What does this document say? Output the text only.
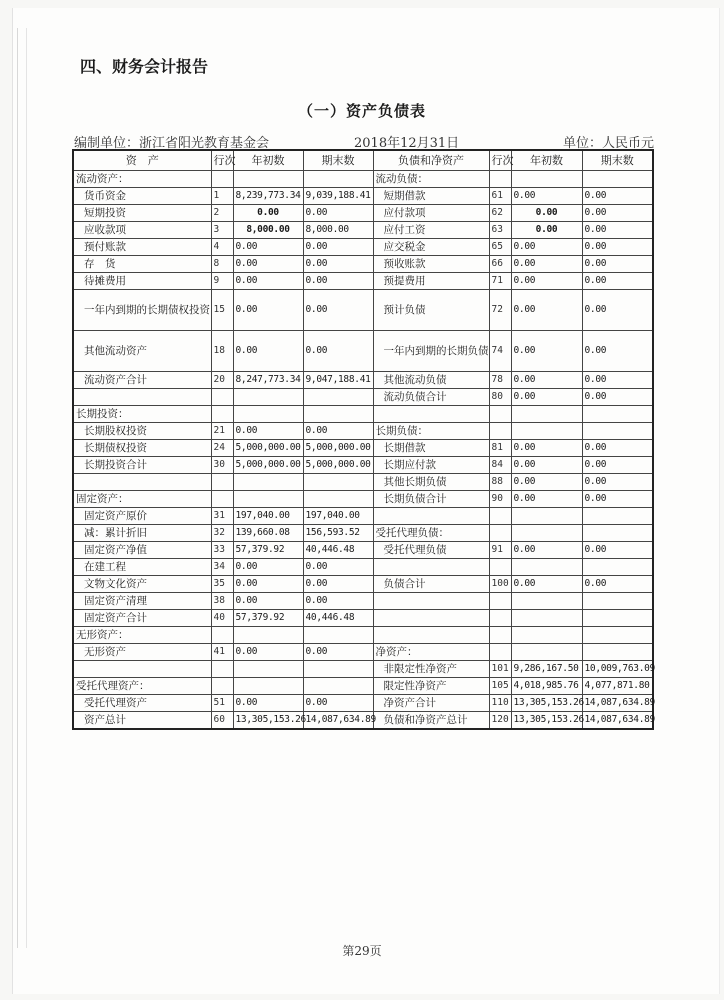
四、财务会计报告
（一）资产负债表
编制单位：浙江省阳光教育基金会	2018年12月31日	单位：人民币元
资　产	行次	年初数	期末数	负债和净资产	行次	年初数	期末数
流动资产：				流动负债：			
货币资金	1	8,239,773.34	9,039,188.41	短期借款	61	0.00	0.00
短期投资	2	0.00	0.00	应付款项	62	0.00	0.00
应收款项	3	8,000.00	8,000.00	应付工资	63	0.00	0.00
预付账款	4	0.00	0.00	应交税金	65	0.00	0.00
存　货	8	0.00	0.00	预收账款	66	0.00	0.00
待摊费用	9	0.00	0.00	预提费用	71	0.00	0.00
一年内到期的长期债权投资	15	0.00	0.00	预计负债	72	0.00	0.00
其他流动资产	18	0.00	0.00	一年内到期的长期负债	74	0.00	0.00
流动资产合计	20	8,247,773.34	9,047,188.41	其他流动负债	78	0.00	0.00
				流动负债合计	80	0.00	0.00
长期投资：							
长期股权投资	21	0.00	0.00	长期负债：			
长期债权投资	24	5,000,000.00	5,000,000.00	长期借款	81	0.00	0.00
长期投资合计	30	5,000,000.00	5,000,000.00	长期应付款	84	0.00	0.00
				其他长期负债	88	0.00	0.00
固定资产：				长期负债合计	90	0.00	0.00
固定资产原价	31	197,040.00	197,040.00				
减：累计折旧	32	139,660.08	156,593.52	受托代理负债：			
固定资产净值	33	57,379.92	40,446.48	受托代理负债	91	0.00	0.00
在建工程	34	0.00	0.00				
文物文化资产	35	0.00	0.00	负债合计	100	0.00	0.00
固定资产清理	38	0.00	0.00				
固定资产合计	40	57,379.92	40,446.48				
无形资产：							
无形资产	41	0.00	0.00	净资产：			
				非限定性净资产	101	9,286,167.50	10,009,763.09
受托代理资产：				限定性净资产	105	4,018,985.76	4,077,871.80
受托代理资产	51	0.00	0.00	净资产合计	110	13,305,153.26	14,087,634.89
资产总计	60	13,305,153.26	14,087,634.89	负债和净资产总计	120	13,305,153.26	14,087,634.89
第29页
